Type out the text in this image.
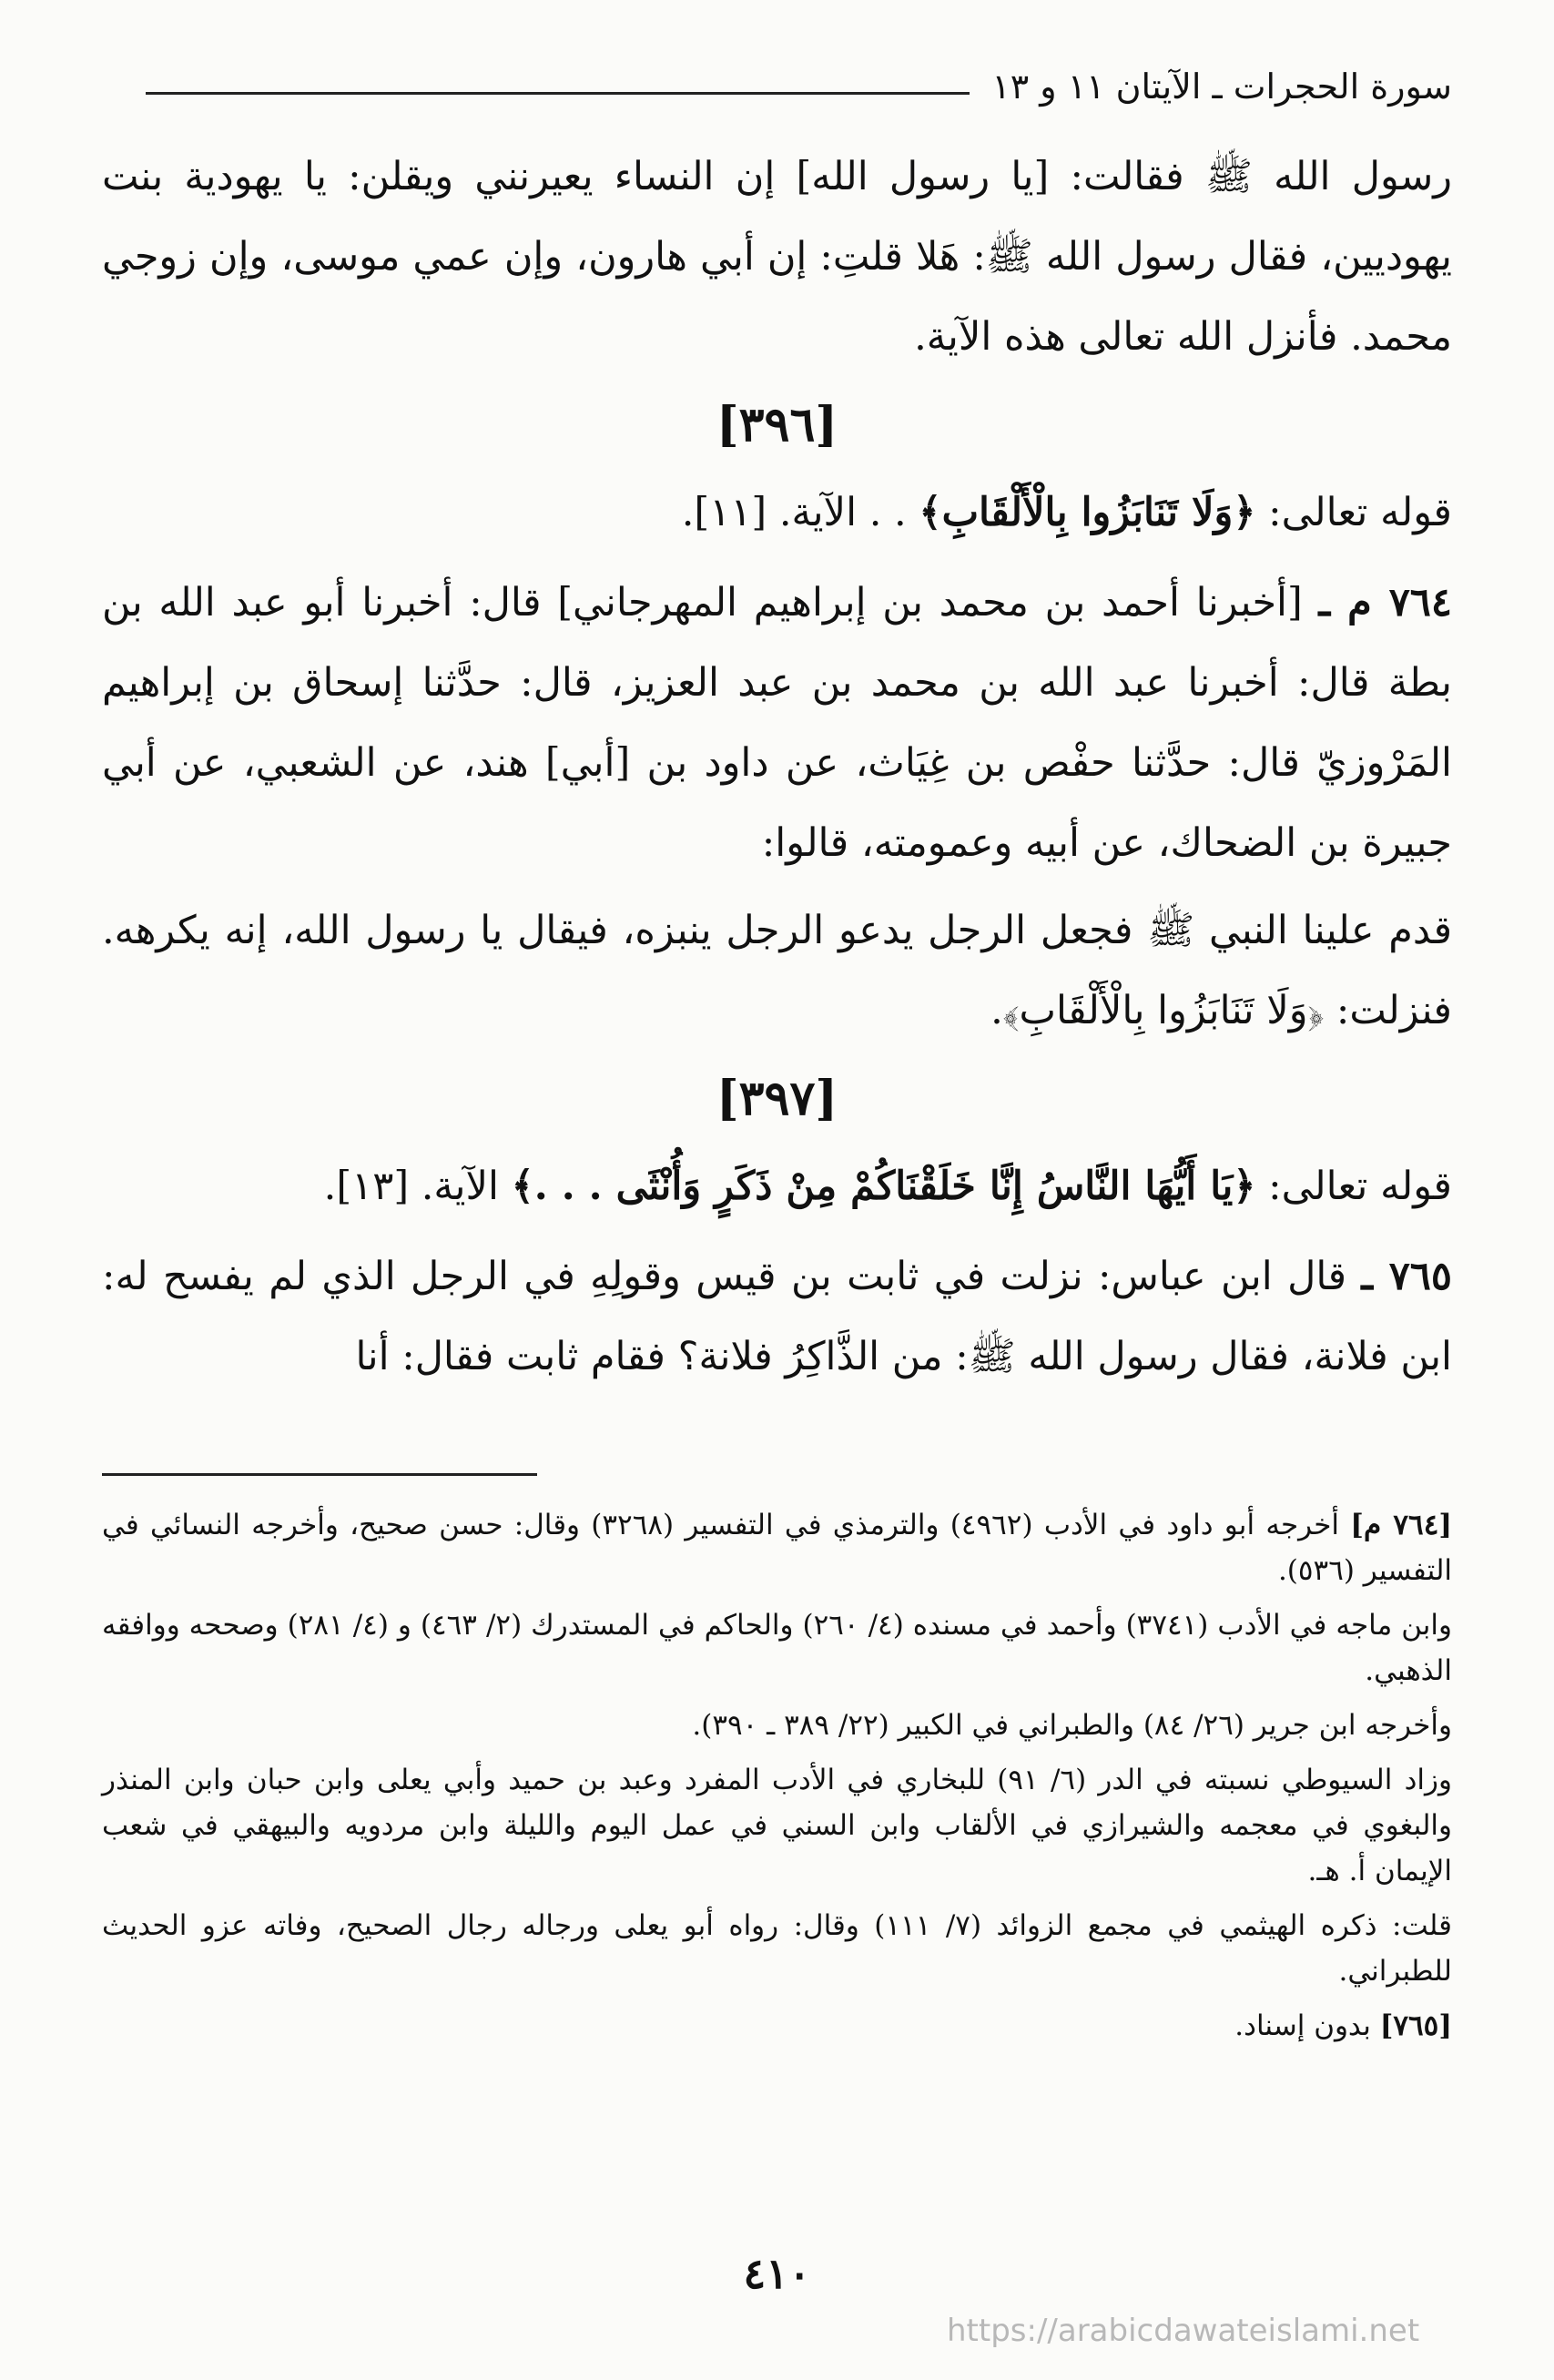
سورة الحجرات ـ الآيتان ١١ و ١٣

رسول الله ﷺ فقالت: [يا رسول الله] إن النساء يعيرنني ويقلن: يا يهودية بنت يهوديين، فقال رسول الله ﷺ: هَلا قلتِ: إن أبي هارون، وإن عمي موسى، وإن زوجي محمد. فأنزل الله تعالى هذه الآية.

[٣٩٦]

قوله تعالى: ﴿وَلَا تَنَابَزُوا بِالْأَلْقَابِ﴾ . . الآية. [١١].

٧٦٤ م ـ [أخبرنا أحمد بن محمد بن إبراهيم المهرجاني] قال: أخبرنا أبو عبد الله بن بطة قال: أخبرنا عبد الله بن محمد بن عبد العزيز، قال: حدَّثنا إسحاق بن إبراهيم المَرْوزيّ قال: حدَّثنا حفْص بن غِيَاث، عن داود بن [أبي] هند، عن الشعبي، عن أبي جبيرة بن الضحاك، عن أبيه وعمومته، قالوا:

قدم علينا النبي ﷺ فجعل الرجل يدعو الرجل ينبزه، فيقال يا رسول الله، إنه يكرهه. فنزلت: ﴿وَلَا تَنَابَزُوا بِالْأَلْقَابِ﴾.

[٣٩٧]

قوله تعالى: ﴿يَا أَيُّهَا النَّاسُ إِنَّا خَلَقْنَاكُمْ مِنْ ذَكَرٍ وَأُنْثَى . . .﴾ الآية. [١٣].

٧٦٥ ـ قال ابن عباس: نزلت في ثابت بن قيس وقولِهِ في الرجل الذي لم يفسح له: ابن فلانة، فقال رسول الله ﷺ: من الذَّاكِرُ فلانة؟ فقام ثابت فقال: أنا

[٧٦٤ م] أخرجه أبو داود في الأدب (٤٩٦٢) والترمذي في التفسير (٣٢٦٨) وقال: حسن صحيح، وأخرجه النسائي في التفسير (٥٣٦).

وابن ماجه في الأدب (٣٧٤١) وأحمد في مسنده (٤/ ٢٦٠) والحاكم في المستدرك (٢/ ٤٦٣) و (٤/ ٢٨١) وصححه ووافقه الذهبي.

وأخرجه ابن جرير (٢٦/ ٨٤) والطبراني في الكبير (٢٢/ ٣٨٩ ـ ٣٩٠).

وزاد السيوطي نسبته في الدر (٦/ ٩١) للبخاري في الأدب المفرد وعبد بن حميد وأبي يعلى وابن حبان وابن المنذر والبغوي في معجمه والشيرازي في الألقاب وابن السني في عمل اليوم والليلة وابن مردويه والبيهقي في شعب الإيمان أ. هـ.

قلت: ذكره الهيثمي في مجمع الزوائد (٧/ ١١١) وقال: رواه أبو يعلى ورجاله رجال الصحيح، وفاته عزو الحديث للطبراني.

[٧٦٥] بدون إسناد.

٤١٠
https://arabicdawateislami.net
